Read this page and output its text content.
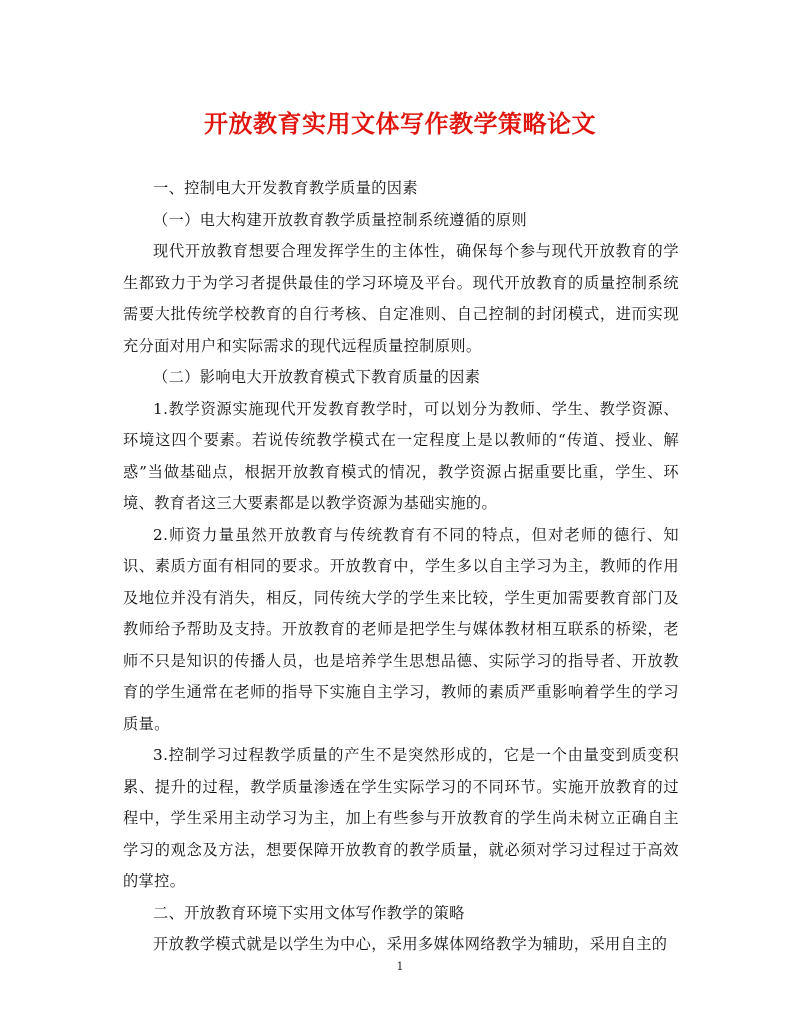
开放教育实用文体写作教学策略论文

一、控制电大开发教育教学质量的因素

（一）电大构建开放教育教学质量控制系统遵循的原则

现代开放教育想要合理发挥学生的主体性，确保每个参与现代开放教育的学生都致力于为学习者提供最佳的学习环境及平台。现代开放教育的质量控制系统需要大批传统学校教育的自行考核、自定准则、自己控制的封闭模式，进而实现充分面对用户和实际需求的现代远程质量控制原则。

（二）影响电大开放教育模式下教育质量的因素

1.教学资源实施现代开发教育教学时，可以划分为教师、学生、教学资源、环境这四个要素。若说传统教学模式在一定程度上是以教师的“传道、授业、解惑”当做基础点，根据开放教育模式的情况，教学资源占据重要比重，学生、环境、教育者这三大要素都是以教学资源为基础实施的。

2.师资力量虽然开放教育与传统教育有不同的特点，但对老师的德行、知识、素质方面有相同的要求。开放教育中，学生多以自主学习为主，教师的作用及地位并没有消失，相反，同传统大学的学生来比较，学生更加需要教育部门及教师给予帮助及支持。开放教育的老师是把学生与媒体教材相互联系的桥梁，老师不只是知识的传播人员，也是培养学生思想品德、实际学习的指导者、开放教育的学生通常在老师的指导下实施自主学习，教师的素质严重影响着学生的学习质量。

3.控制学习过程教学质量的产生不是突然形成的，它是一个由量变到质变积累、提升的过程，教学质量渗透在学生实际学习的不同环节。实施开放教育的过程中，学生采用主动学习为主，加上有些参与开放教育的学生尚未树立正确自主学习的观念及方法，想要保障开放教育的教学质量，就必须对学习过程过于高效的掌控。

二、开放教育环境下实用文体写作教学的策略

开放教学模式就是以学生为中心，采用多媒体网络教学为辅助，采用自主的

1
